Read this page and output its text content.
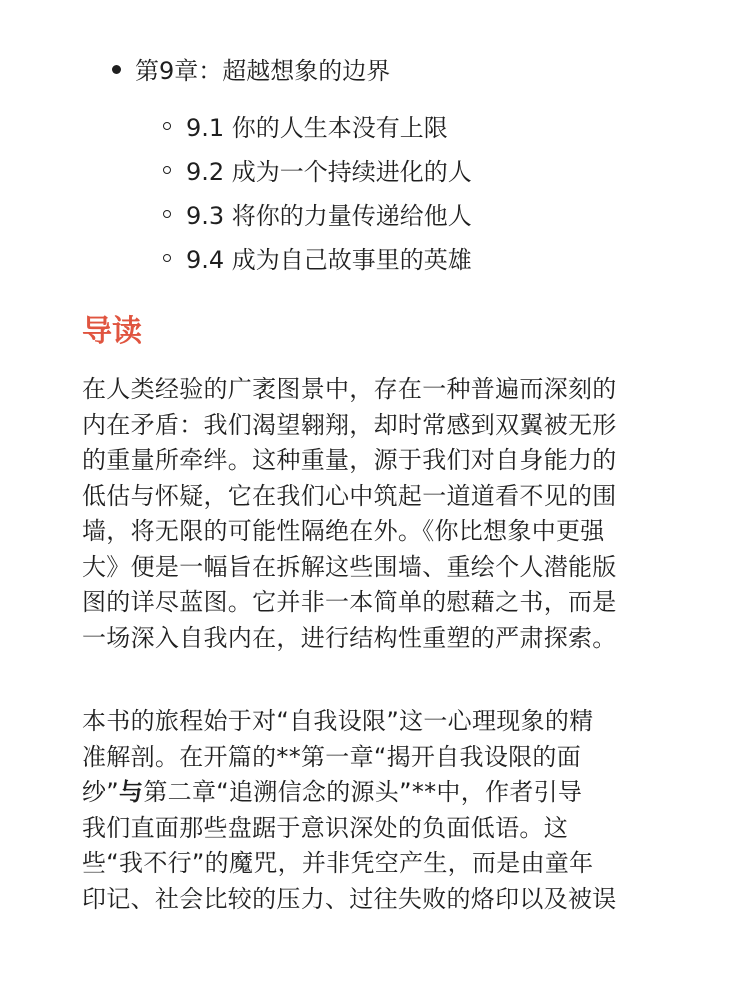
第9章：超越想象的边界
9.1 你的人生本没有上限
9.2 成为一个持续进化的人
9.3 将你的力量传递给他人
9.4 成为自己故事里的英雄
导读

在人类经验的广袤图景中，存在一种普遍而深刻的
内在矛盾：我们渴望翱翔，却时常感到双翼被无形
的重量所牵绊。这种重量，源于我们对自身能力的
低估与怀疑，它在我们心中筑起一道道看不见的围
墙，将无限的可能性隔绝在外。《你比想象中更强
大》便是一幅旨在拆解这些围墙、重绘个人潜能版
图的详尽蓝图。它并非一本简单的慰藉之书，而是
一场深入自我内在，进行结构性重塑的严肃探索。

本书的旅程始于对“自我设限”这一心理现象的精
准解剖。在开篇的**第一章“揭开自我设限的面
纱”与第二章“追溯信念的源头”**中，作者引导
我们直面那些盘踞于意识深处的负面低语。这
些“我不行”的魔咒，并非凭空产生，而是由童年
印记、社会比较的压力、过往失败的烙印以及被误
